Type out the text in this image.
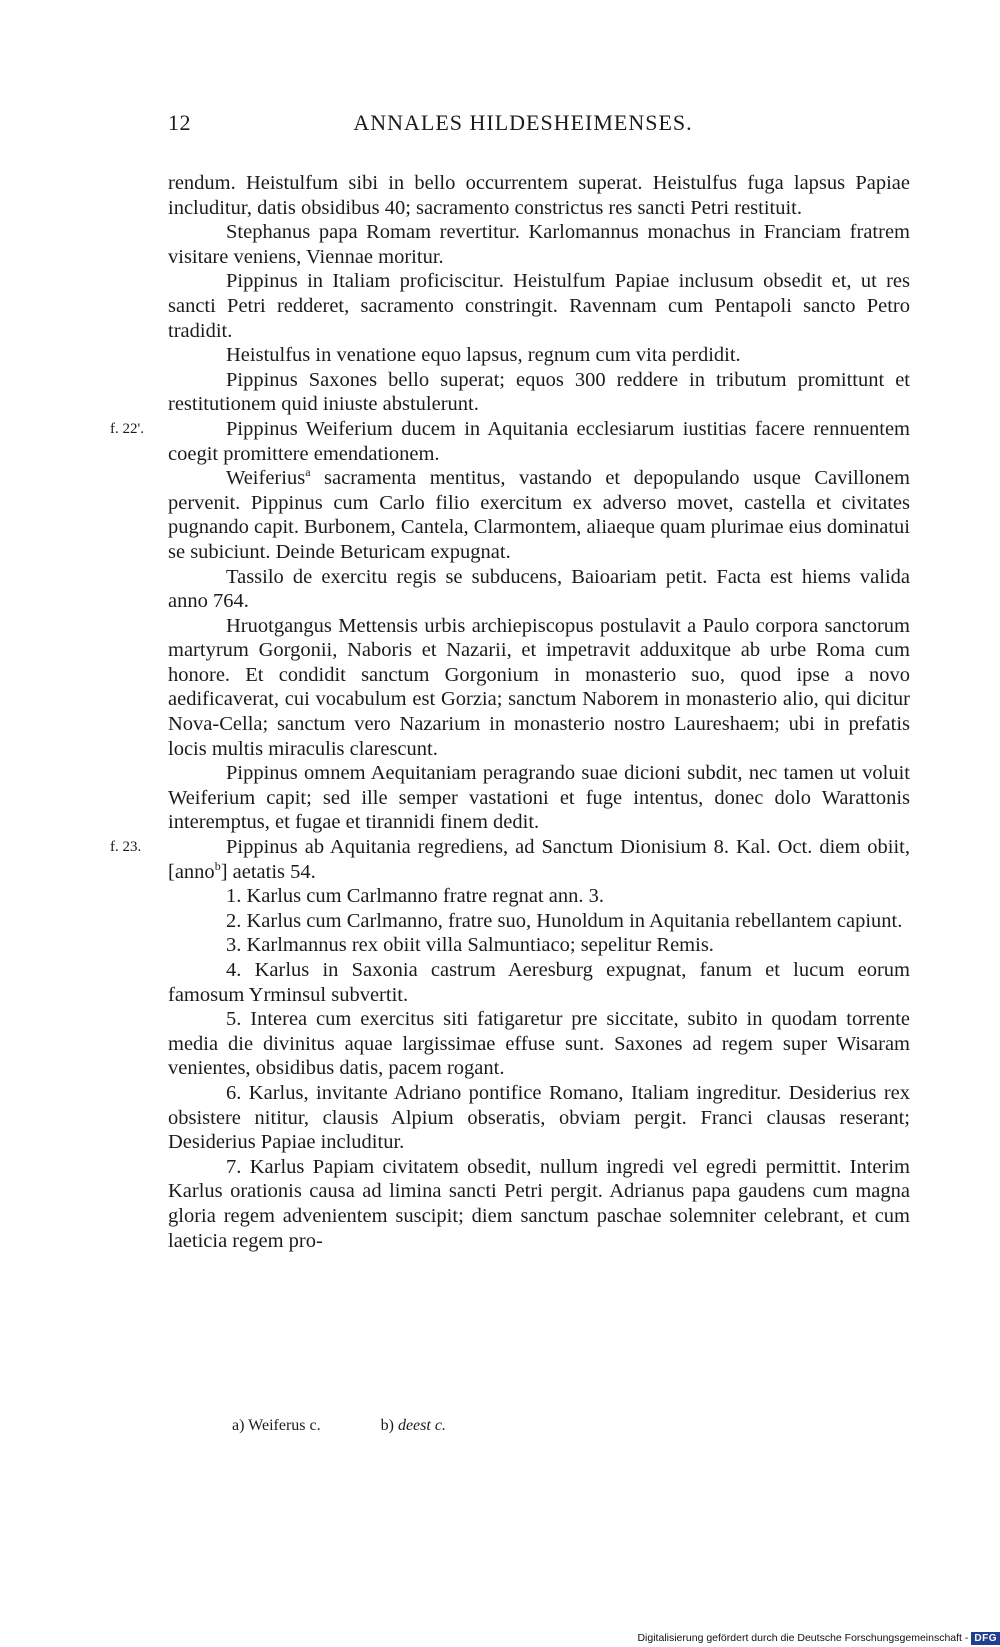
12	ANNALES HILDESHEIMENSES.

rendum. Heistulfum sibi in bello occurrentem superat. Heistulfus fuga lapsus Papiae includitur, datis obsidibus 40; sacramento constrictus res sancti Petri restituit.

Stephanus papa Romam revertitur. Karlomannus monachus in Franciam fratrem visitare veniens, Viennae moritur.

Pippinus in Italiam proficiscitur. Heistulfum Papiae inclusum obsedit et, ut res sancti Petri redderet, sacramento constringit. Ravennam cum Pentapoli sancto Petro tradidit.

Heistulfus in venatione equo lapsus, regnum cum vita perdidit.

Pippinus Saxones bello superat; equos 300 reddere in tributum promittunt et restitutionem quid iniuste abstulerunt.

f. 22'.	Pippinus Weiferium ducem in Aquitania ecclesiarum iustitias facere rennuentem coegit promittere emendationem.

Weiferius$^a$ sacramenta mentitus, vastando et depopulando usque Cavillonem pervenit. Pippinus cum Carlo filio exercitum ex adverso movet, castella et civitates pugnando capit. Burbonem, Cantela, Clarmontem, aliaeque quam plurimae eius dominatui se subiciunt. Deinde Beturicam expugnat.

Tassilo de exercitu regis se subducens, Baioariam petit. Facta est hiems valida anno 764.

Hruotgangus Mettensis urbis archiepiscopus postulavit a Paulo corpora sanctorum martyrum Gorgonii, Naboris et Nazarii, et impetravit adduxitque ab urbe Roma cum honore. Et condidit sanctum Gorgonium in monasterio suo, quod ipse a novo aedificaverat, cui vocabulum est Gorzia; sanctum Naborem in monasterio alio, qui dicitur Nova-Cella; sanctum vero Nazarium in monasterio nostro Laureshaem; ubi in prefatis locis multis miraculis clarescunt.

Pippinus omnem Aequitaniam peragrando suae dicioni subdit, nec tamen ut voluit Weiferium capit; sed ille semper vastationi et fuge intentus, donec dolo Warattonis interemptus, et fugae et tirannidi finem dedit.

f. 23.	Pippinus ab Aquitania regrediens, ad Sanctum Dionisium 8. Kal. Oct. diem obiit, [anno$^b$] aetatis 54.

1. Karlus cum Carlmanno fratre regnat ann. 3.

2. Karlus cum Carlmanno, fratre suo, Hunoldum in Aquitania rebellantem capiunt.

3. Karlmannus rex obiit villa Salmuntiaco; sepelitur Remis.

4. Karlus in Saxonia castrum Aeresburg expugnat, fanum et lucum eorum famosum Yrminsul subvertit.

5. Interea cum exercitus siti fatigaretur pre siccitate, subito in quodam torrente media die divinitus aquae largissimae effuse sunt. Saxones ad regem super Wisaram venientes, obsidibus datis, pacem rogant.

6. Karlus, invitante Adriano pontifice Romano, Italiam ingreditur. Desiderius rex obsistere nititur, clausis Alpium obseratis, obviam pergit. Franci clausas reserant; Desiderius Papiae includitur.

7. Karlus Papiam civitatem obsedit, nullum ingredi vel egredi permittit. Interim Karlus orationis causa ad limina sancti Petri pergit. Adrianus papa gaudens cum magna gloria regem advenientem suscipit; diem sanctum paschae solemniter celebrant, et cum laeticia regem pro-

a) Weiferus c.	b) deest c.
Digitalisierung gefördert durch die Deutsche Forschungsgemeinschaft - DFG
